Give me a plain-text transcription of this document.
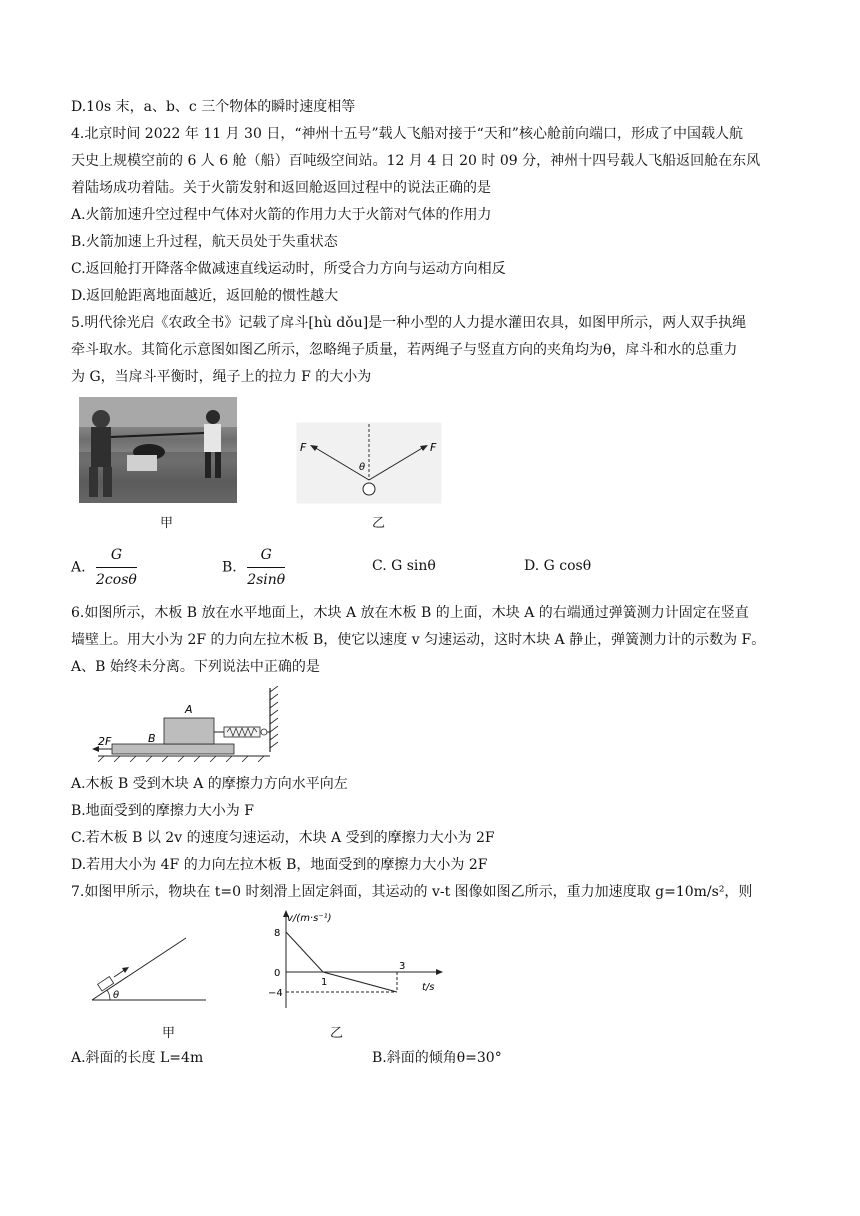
D.10s 末，a、b、c 三个物体的瞬时速度相等
4.北京时间 2022 年 11 月 30 日，“神州十五号”载人飞船对接于“天和”核心舱前向端口，形成了中国载人航
天史上规模空前的 6 人 6 舱（船）百吨级空间站。12 月 4 日 20 时 09 分，神州十四号载人飞船返回舱在东风
着陆场成功着陆。关于火箭发射和返回舱返回过程中的说法正确的是
A.火箭加速升空过程中气体对火箭的作用力大于火箭对气体的作用力
B.火箭加速上升过程，航天员处于失重状态
C.返回舱打开降落伞做减速直线运动时，所受合力方向与运动方向相反
D.返回舱距离地面越近，返回舱的惯性越大
5.明代徐光启《农政全书》记载了戽斗[hù dǒu]是一种小型的人力提水灌田农具，如图甲所示，两人双手执绳
牵斗取水。其简化示意图如图乙所示，忽略绳子质量，若两绳子与竖直方向的夹角均为θ，戽斗和水的总重力
为 G，当戽斗平衡时，绳子上的拉力 F 的大小为
F	F
θ
甲	乙
A. $\frac{G}{2\cos\theta}$	B. $\frac{G}{2\sin\theta}$	C. G sinθ	D. G cosθ
6.如图所示，木板 B 放在水平地面上，木块 A 放在木板 B 的上面，木块 A 的右端通过弹簧测力计固定在竖直
墙壁上。用大小为 2F 的力向左拉木板 B，使它以速度 v 匀速运动，这时木块 A 静止，弹簧测力计的示数为 F。
A、B 始终未分离。下列说法中正确的是
A
B
2F
A.木板 B 受到木块 A 的摩擦力方向水平向左
B.地面受到的摩擦力大小为 F
C.若木板 B 以 2v 的速度匀速运动，木块 A 受到的摩擦力大小为 2F
D.若用大小为 4F 的力向左拉木板 B，地面受到的摩擦力大小为 2F
7.如图甲所示，物块在 t=0 时刻滑上固定斜面，其运动的 v-t 图像如图乙所示，重力加速度取 g=10m/s²，则
θ
v/(m·s⁻¹)
t/s
8
0
−4
1
3
甲	乙
A.斜面的长度 L=4m	B.斜面的倾角θ=30°
